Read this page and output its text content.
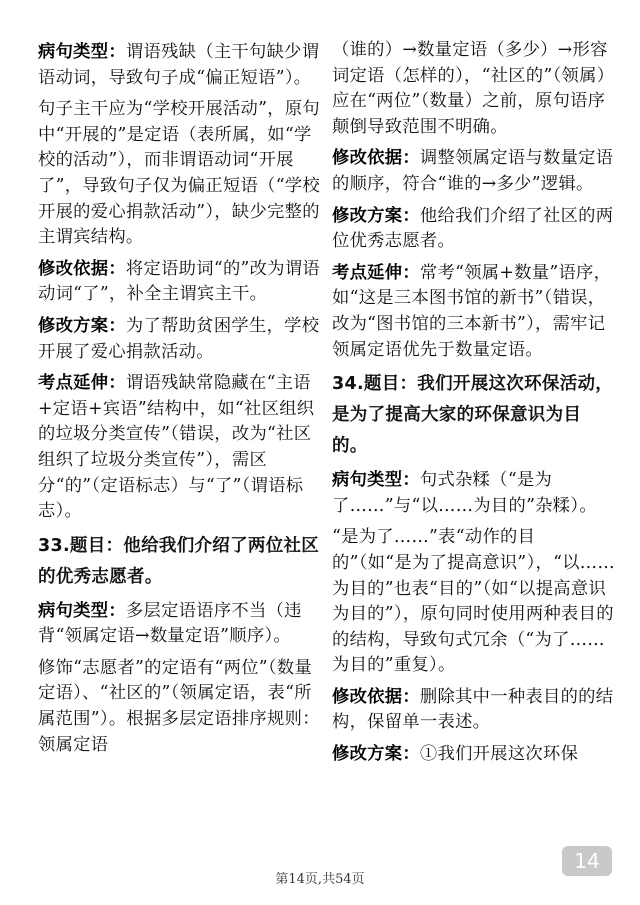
病句类型：谓语残缺（主干句缺少谓语动词，导致句子成“偏正短语”）。

句子主干应为“学校开展活动”，原句中“开展的”是定语（表所属，如“学校的活动”），而非谓语动词“开展了”，导致句子仅为偏正短语（“学校开展的爱心捐款活动”），缺少完整的主谓宾结构。

修改依据：将定语助词“的”改为谓语动词“了”，补全主谓宾主干。

修改方案：为了帮助贫困学生，学校开展了爱心捐款活动。

考点延伸：谓语残缺常隐藏在“主语+定语+宾语”结构中，如“社区组织的垃圾分类宣传”（错误，改为“社区组织了垃圾分类宣传”），需区分“的”（定语标志）与“了”（谓语标志）。

33.题目：他给我们介绍了两位社区的优秀志愿者。

病句类型：多层定语语序不当（违背“领属定语→数量定语”顺序）。

修饰“志愿者”的定语有“两位”（数量定语）、“社区的”（领属定语，表“所属范围”）。根据多层定语排序规则：领属定语

（谁的）→数量定语（多少）→形容词定语（怎样的），“社区的”（领属）应在“两位”（数量）之前，原句语序颠倒导致范围不明确。

修改依据：调整领属定语与数量定语的顺序，符合“谁的→多少”逻辑。

修改方案：他给我们介绍了社区的两位优秀志愿者。

考点延伸：常考“领属+数量”语序，如“这是三本图书馆的新书”（错误，改为“图书馆的三本新书”），需牢记领属定语优先于数量定语。

34.题目：我们开展这次环保活动，是为了提高大家的环保意识为目的。

病句类型：句式杂糅（“是为了……”与“以……为目的”杂糅）。

“是为了……”表“动作的目的”（如“是为了提高意识”），“以……为目的”也表“目的”（如“以提高意识为目的”），原句同时使用两种表目的的结构，导致句式冗余（“为了……为目的”重复）。

修改依据：删除其中一种表目的的结构，保留单一表述。

修改方案：①我们开展这次环保

第14页,共54页
14
